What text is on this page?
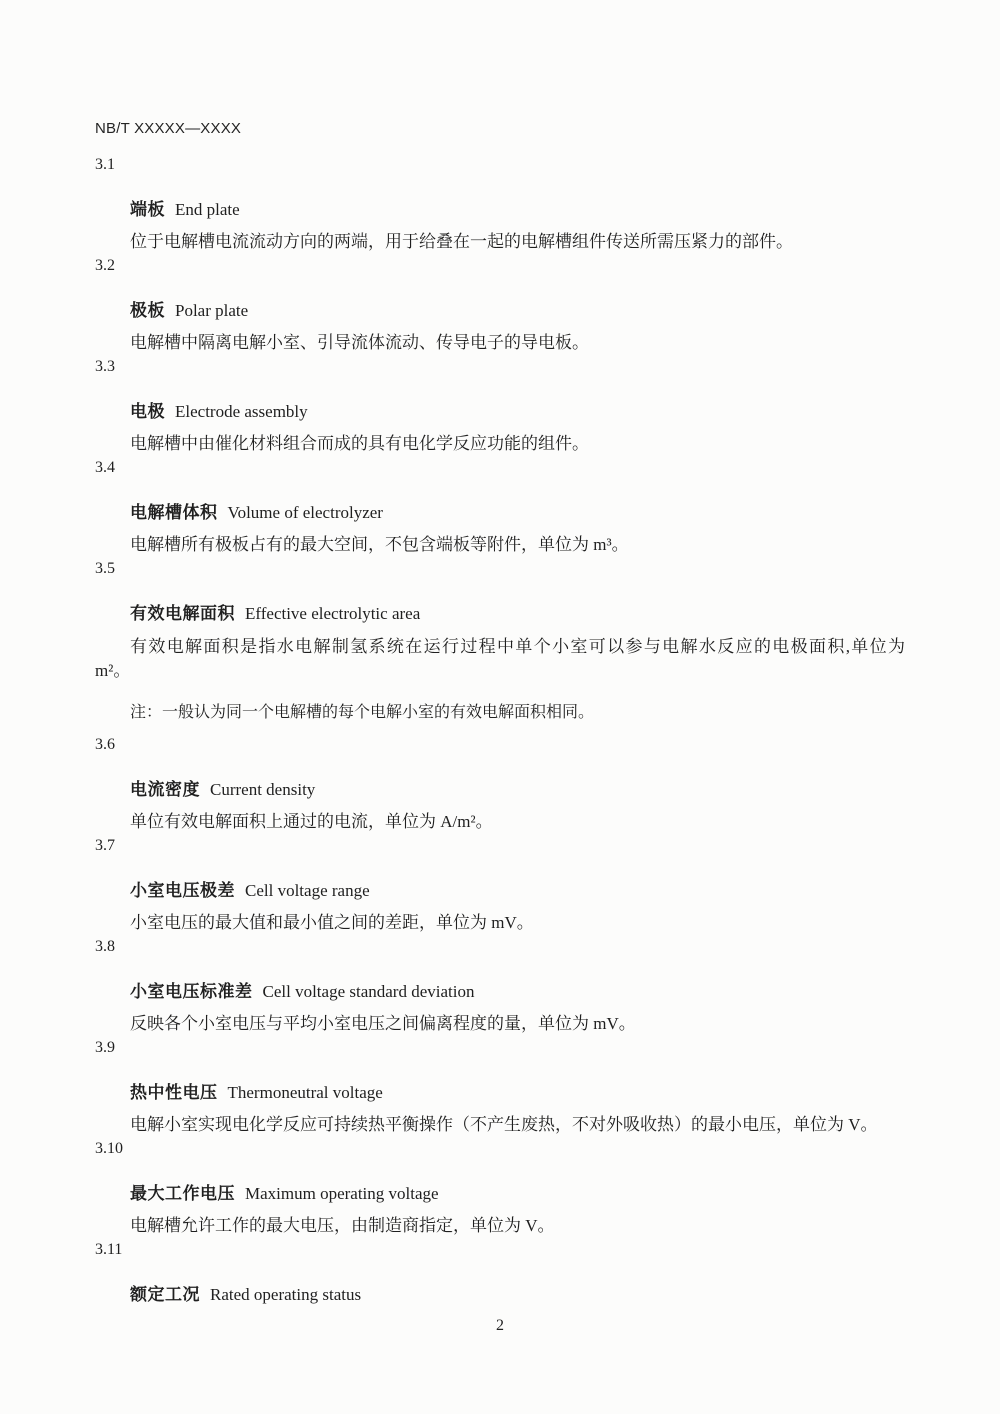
NB/T XXXXX—XXXX
3.1

端板 End plate

位于电解槽电流流动方向的两端，用于给叠在一起的电解槽组件传送所需压紧力的部件。

3.2

极板 Polar plate

电解槽中隔离电解小室、引导流体流动、传导电子的导电板。

3.3

电极 Electrode assembly

电解槽中由催化材料组合而成的具有电化学反应功能的组件。

3.4

电解槽体积 Volume of electrolyzer

电解槽所有极板占有的最大空间，不包含端板等附件，单位为 m³。

3.5

有效电解面积 Effective electrolytic area

有效电解面积是指水电解制氢系统在运行过程中单个小室可以参与电解水反应的电极面积,单位为
m²。

注：一般认为同一个电解槽的每个电解小室的有效电解面积相同。

3.6

电流密度 Current density

单位有效电解面积上通过的电流，单位为 A/m²。

3.7

小室电压极差 Cell voltage range

小室电压的最大值和最小值之间的差距，单位为 mV。

3.8

小室电压标准差 Cell voltage standard deviation

反映各个小室电压与平均小室电压之间偏离程度的量，单位为 mV。

3.9

热中性电压 Thermoneutral voltage

电解小室实现电化学反应可持续热平衡操作（不产生废热，不对外吸收热）的最小电压，单位为 V。

3.10

最大工作电压 Maximum operating voltage

电解槽允许工作的最大电压，由制造商指定，单位为 V。

3.11

额定工况 Rated operating status

2
